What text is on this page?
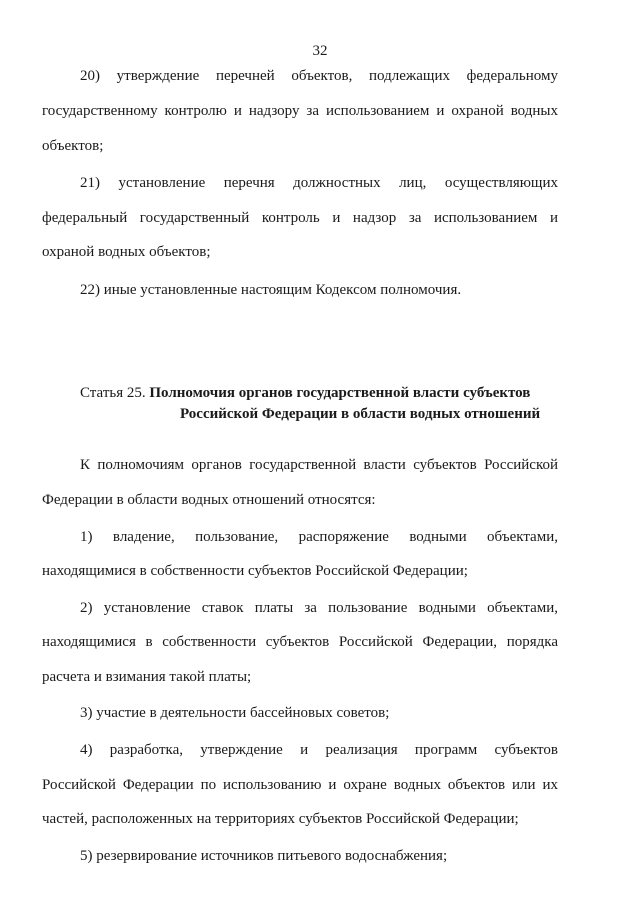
32
20) утверждение перечней объектов, подлежащих федеральному
государственному контролю и надзору за использованием и охраной водных
объектов;
21) установление перечня должностных лиц, осуществляющих
федеральный государственный контроль и надзор за использованием и
охраной водных объектов;
22) иные установленные настоящим Кодексом полномочия.
Статья 25. Полномочия органов государственной власти субъектов
Российской Федерации в области водных отношений
К полномочиям органов государственной власти субъектов Российской
Федерации в области водных отношений относятся:
1) владение, пользование, распоряжение водными объектами,
находящимися в собственности субъектов Российской Федерации;
2) установление ставок платы за пользование водными объектами,
находящимися в собственности субъектов Российской Федерации, порядка
расчета и взимания такой платы;
3) участие в деятельности бассейновых советов;
4) разработка, утверждение и реализация программ субъектов
Российской Федерации по использованию и охране водных объектов или их
частей, расположенных на территориях субъектов Российской Федерации;
5) резервирование источников питьевого водоснабжения;
